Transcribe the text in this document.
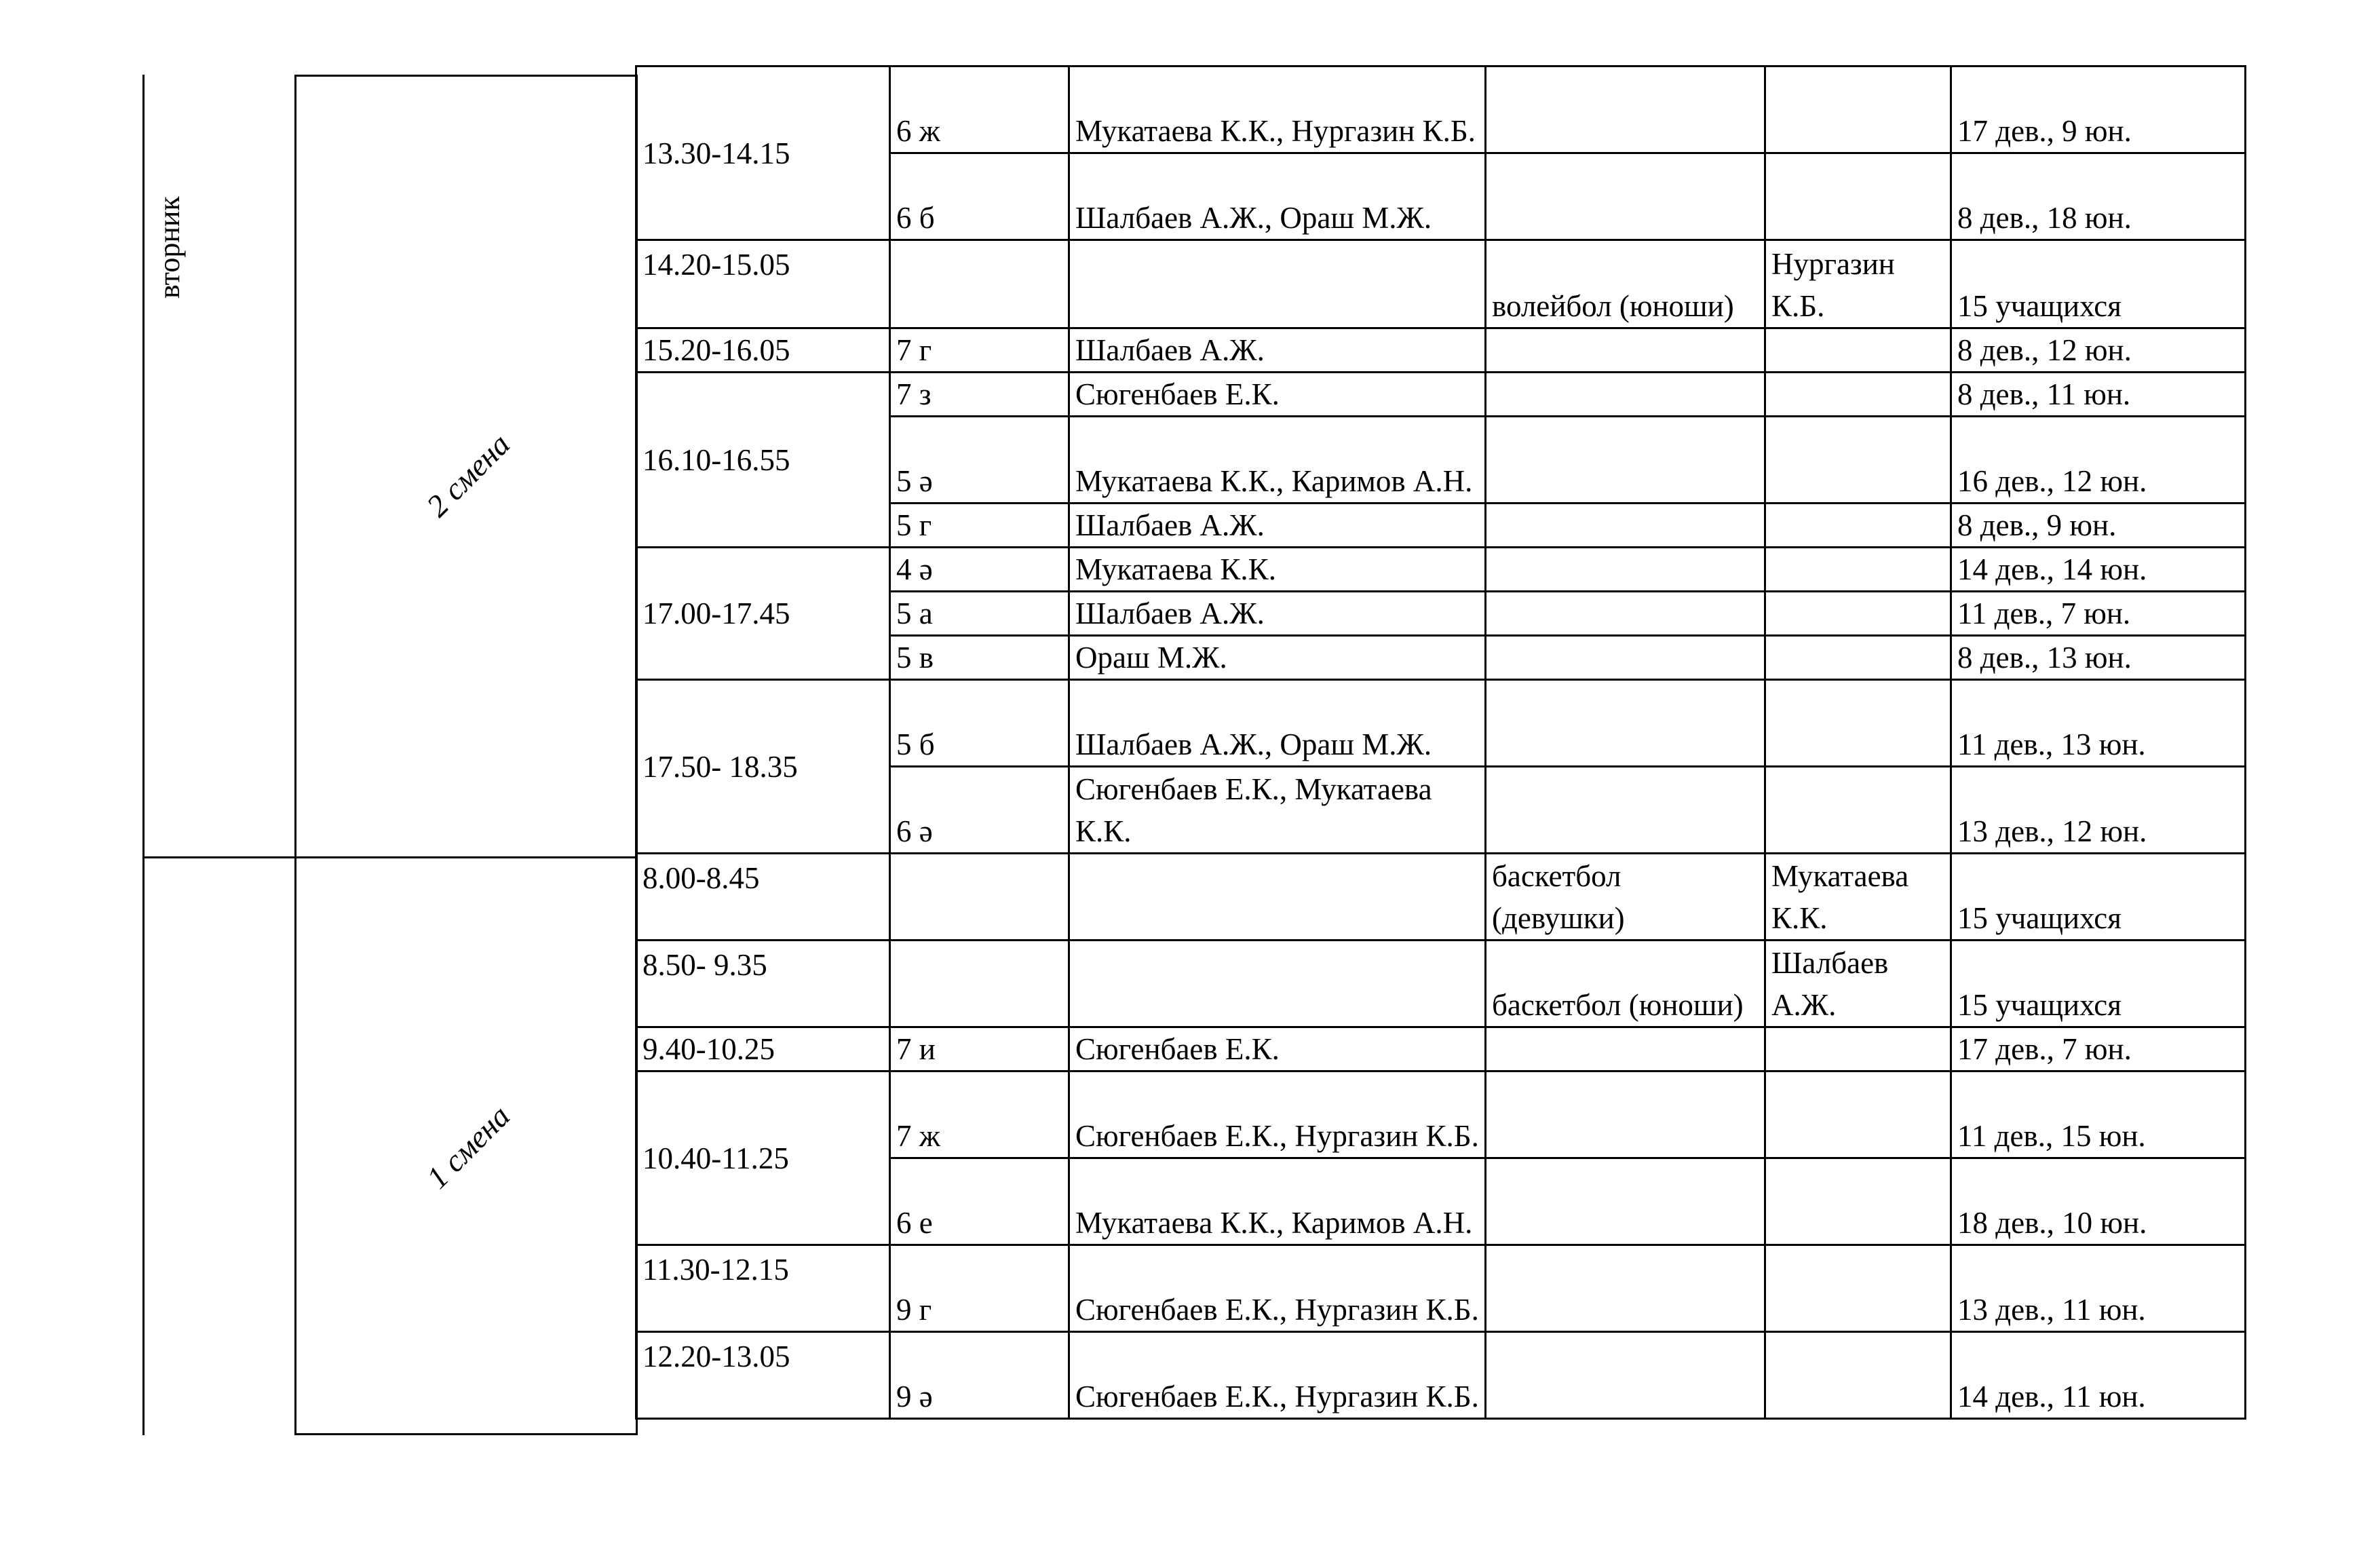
вторник
2 смена
1 смена
13.30-14.15	6 ж	Мукатаева К.К., Нургазин К.Б.			17 дев., 9 юн.
	6 б	Шалбаев А.Ж., Ораш М.Ж.			8 дев., 18 юн.
14.20-15.05			волейбол (юноши)	Нургазин К.Б.	15 учащихся
15.20-16.05	7 г	Шалбаев А.Ж.			8 дев., 12 юн.
16.10-16.55	7 з	Сюгенбаев Е.К.			8 дев., 11 юн.
	5 ә	Мукатаева К.К., Каримов А.Н.			16 дев., 12 юн.
	5 г	Шалбаев А.Ж.			8 дев., 9 юн.
17.00-17.45	4 ә	Мукатаева К.К.			14 дев., 14 юн.
	5 а	Шалбаев А.Ж.			11 дев., 7 юн.
	5 в	Ораш М.Ж.			8 дев., 13 юн.
17.50- 18.35	5 б	Шалбаев А.Ж., Ораш М.Ж.			11 дев., 13 юн.
	6 ә	Сюгенбаев Е.К., Мукатаева К.К.			13 дев., 12 юн.
8.00-8.45			баскетбол (девушки)	Мукатаева К.К.	15 учащихся
8.50- 9.35			баскетбол (юноши)	Шалбаев А.Ж.	15 учащихся
9.40-10.25	7 и	Сюгенбаев Е.К.			17 дев., 7 юн.
10.40-11.25	7 ж	Сюгенбаев Е.К., Нургазин К.Б.			11 дев., 15 юн.
	6 е	Мукатаева К.К., Каримов А.Н.			18 дев., 10 юн.
11.30-12.15	9 г	Сюгенбаев Е.К., Нургазин К.Б.			13 дев., 11 юн.
12.20-13.05	9 ә	Сюгенбаев Е.К., Нургазин К.Б.			14 дев., 11 юн.
